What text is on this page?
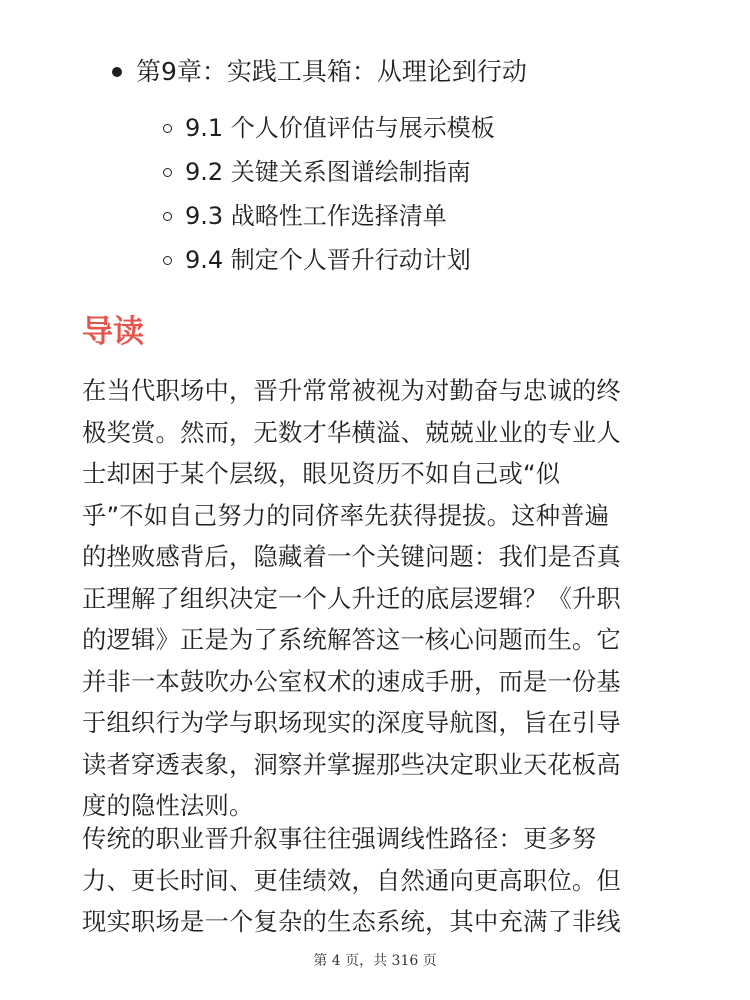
第9章：实践工具箱：从理论到行动
9.1 个人价值评估与展示模板
9.2 关键关系图谱绘制指南
9.3 战略性工作选择清单
9.4 制定个人晋升行动计划
导读

在当代职场中，晋升常常被视为对勤奋与忠诚的终
极奖赏。然而，无数才华横溢、兢兢业业的专业人
士却困于某个层级，眼见资历不如自己或“似
乎”不如自己努力的同侪率先获得提拔。这种普遍
的挫败感背后，隐藏着一个关键问题：我们是否真
正理解了组织决定一个人升迁的底层逻辑？《升职
的逻辑》正是为了系统解答这一核心问题而生。它
并非一本鼓吹办公室权术的速成手册，而是一份基
于组织行为学与职场现实的深度导航图，旨在引导
读者穿透表象，洞察并掌握那些决定职业天花板高
度的隐性法则。

传统的职业晋升叙事往往强调线性路径：更多努
力、更长时间、更佳绩效，自然通向更高职位。但
现实职场是一个复杂的生态系统，其中充满了非线

第 4 页，共 316 页
